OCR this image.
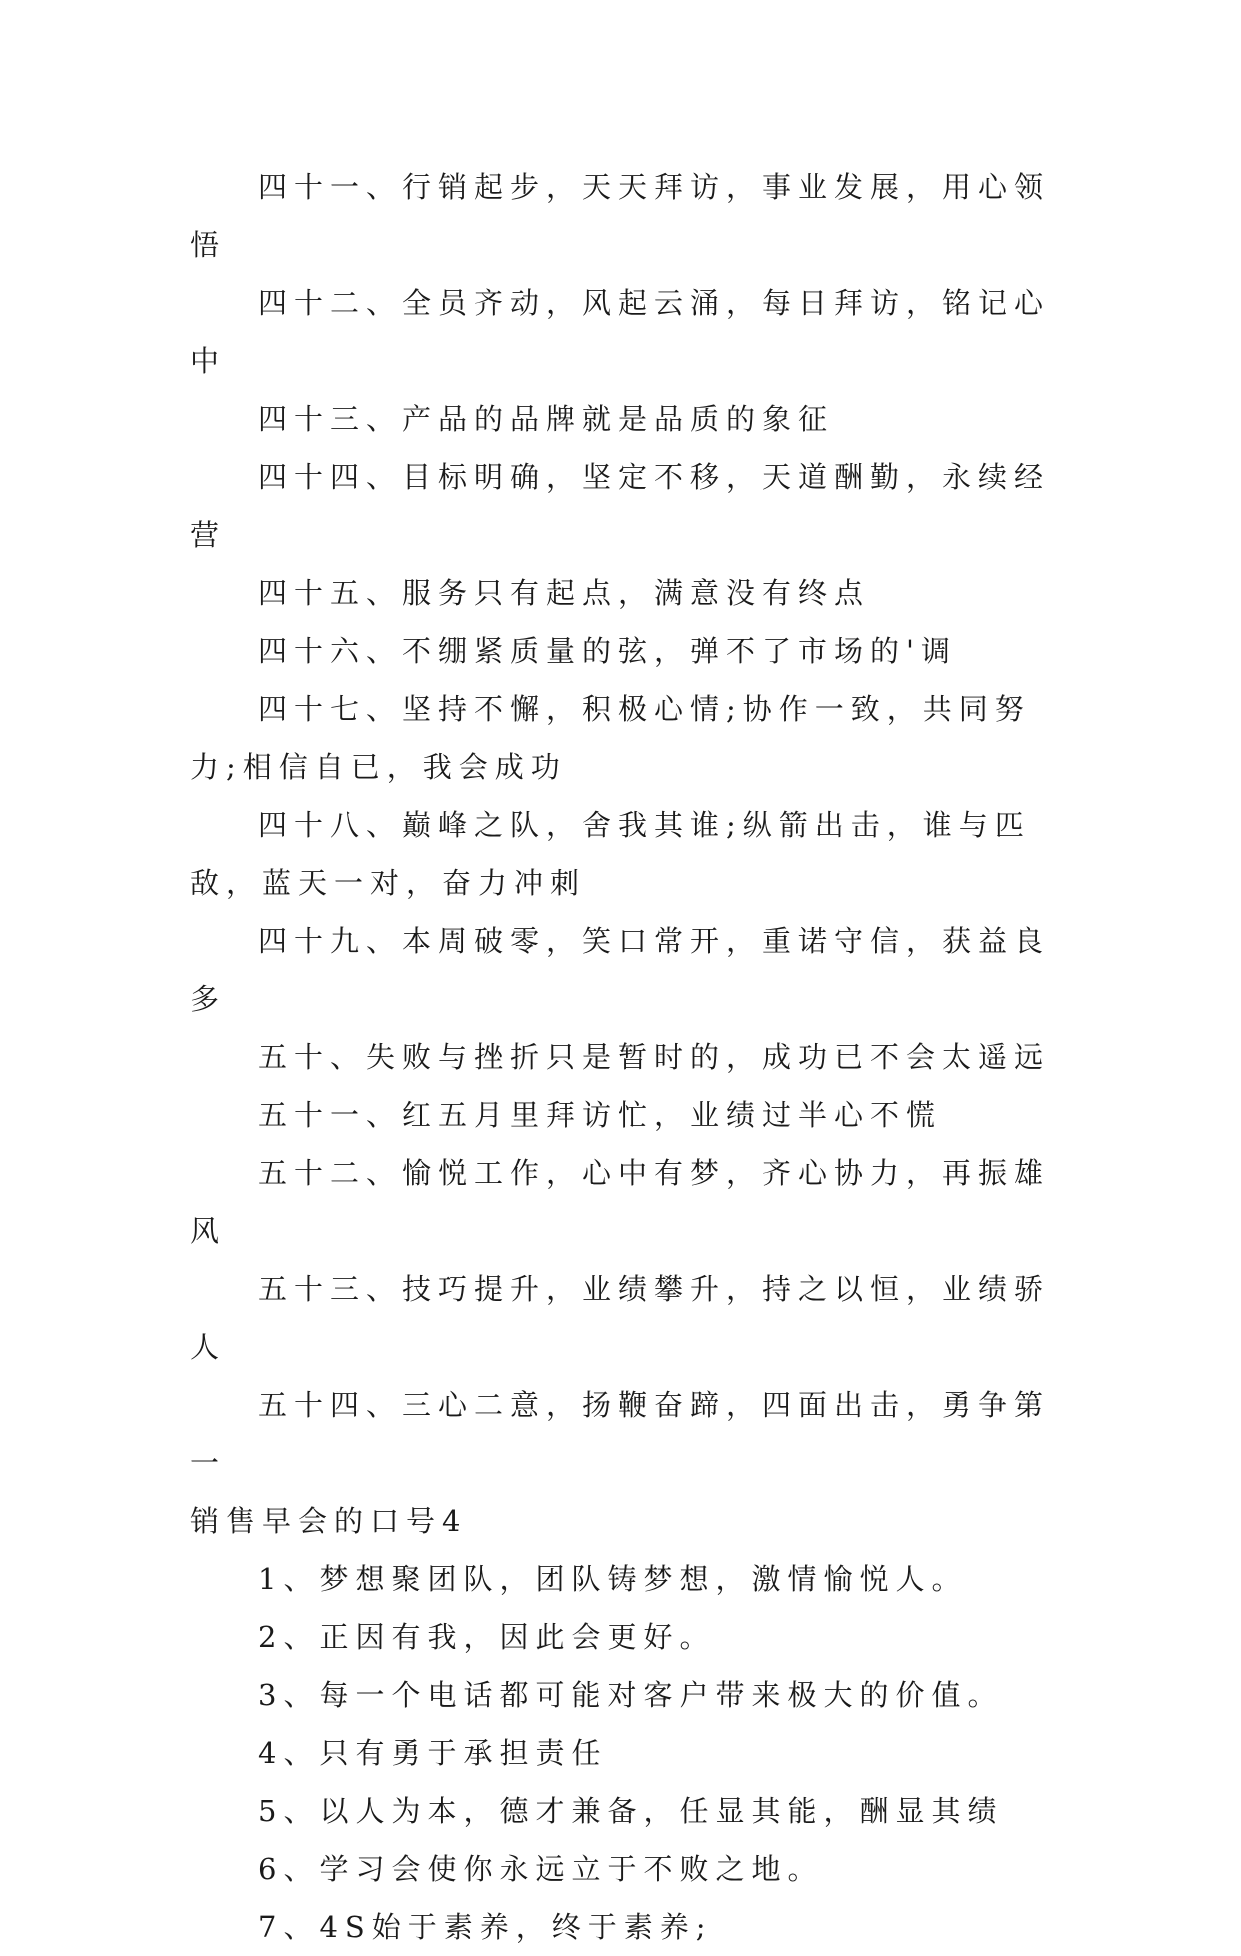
四十一、行销起步，天天拜访，事业发展，用心领悟

四十二、全员齐动，风起云涌，每日拜访，铭记心中

四十三、产品的品牌就是品质的象征

四十四、目标明确，坚定不移，天道酬勤，永续经营

四十五、服务只有起点，满意没有终点

四十六、不绷紧质量的弦，弹不了市场的'调

四十七、坚持不懈，积极心情;协作一致，共同努力;相信自已，我会成功

四十八、巅峰之队，舍我其谁;纵箭出击，谁与匹敌，蓝天一对，奋力冲刺

四十九、本周破零，笑口常开，重诺守信，获益良多

五十、失败与挫折只是暂时的，成功已不会太遥远

五十一、红五月里拜访忙，业绩过半心不慌

五十二、愉悦工作，心中有梦，齐心协力，再振雄风

五十三、技巧提升，业绩攀升，持之以恒，业绩骄人

五十四、三心二意，扬鞭奋蹄，四面出击，勇争第一

销售早会的口号4

1、梦想聚团队，团队铸梦想，激情愉悦人。

2、正因有我，因此会更好。

3、每一个电话都可能对客户带来极大的价值。

4、只有勇于承担责任

5、以人为本，德才兼备，任显其能，酬显其绩

6、学习会使你永远立于不败之地。

7、4S始于素养，终于素养;
